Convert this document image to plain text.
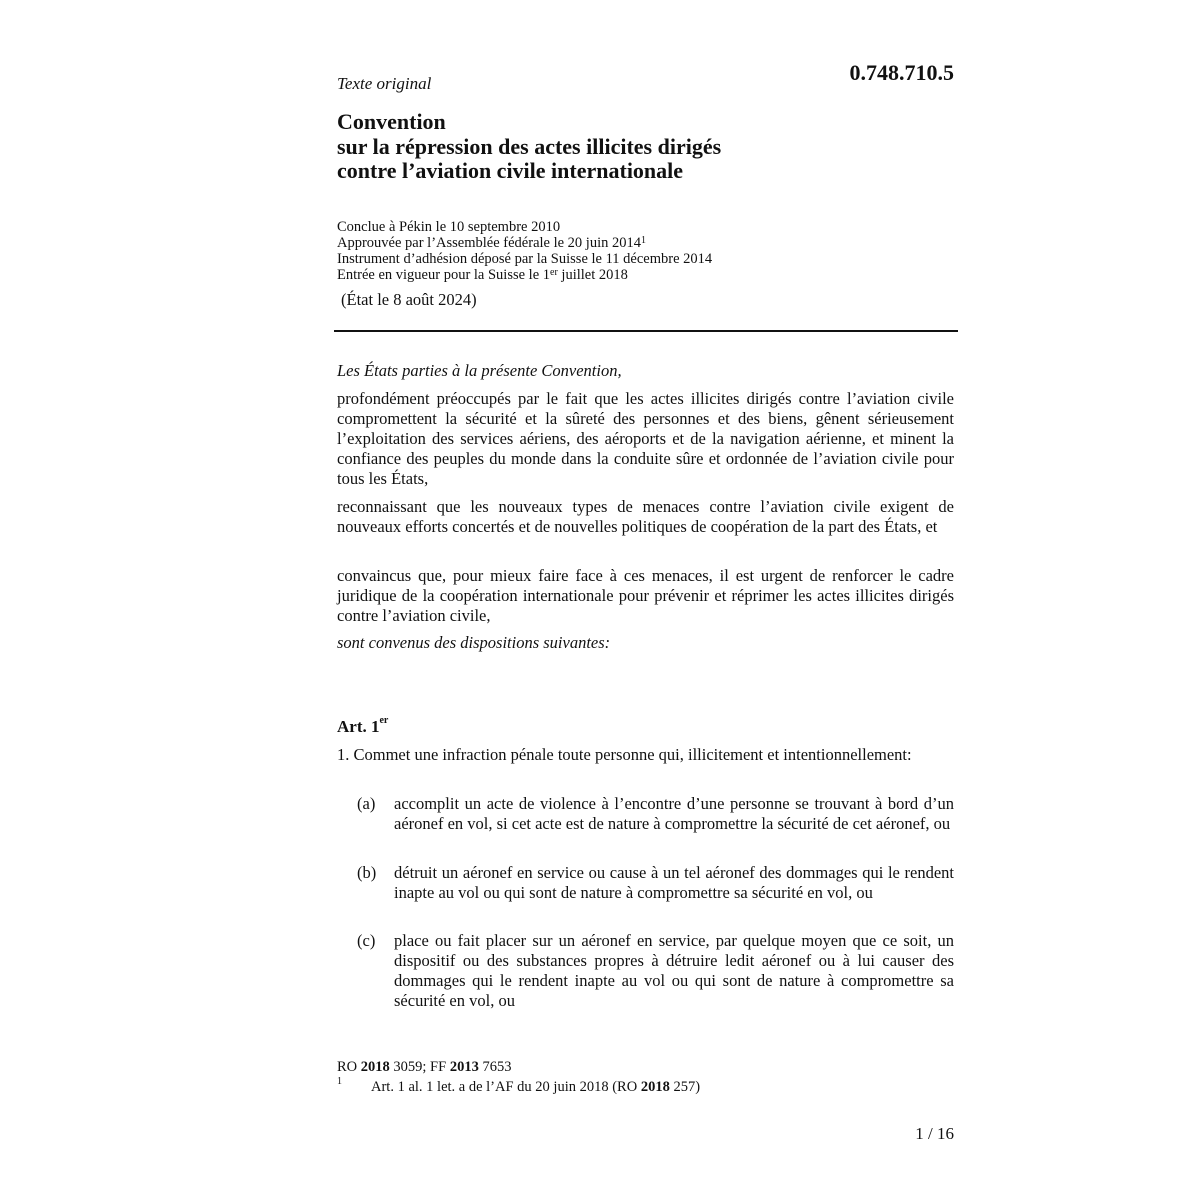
Texte original	0.748.710.5
Convention
sur la répression des actes illicites dirigés
contre l’aviation civile internationale
Conclue à Pékin le 10 septembre 2010
Approuvée par l’Assemblée fédérale le 20 juin 2014$^1$
Instrument d’adhésion déposé par la Suisse le 11 décembre 2014
Entrée en vigueur pour la Suisse le 1er juillet 2018
(État le 8 août 2024)
Les États parties à la présente Convention,
profondément préoccupés par le fait que les actes illicites dirigés contre l’aviation civile compromettent la sécurité et la sûreté des personnes et des biens, gênent sérieusement l’exploitation des services aériens, des aéroports et de la navigation aérienne, et minent la confiance des peuples du monde dans la conduite sûre et ordonnée de l’aviation civile pour tous les États,
reconnaissant que les nouveaux types de menaces contre l’aviation civile exigent de nouveaux efforts concertés et de nouvelles politiques de coopération de la part des États, et
convaincus que, pour mieux faire face à ces menaces, il est urgent de renforcer le cadre juridique de la coopération internationale pour prévenir et réprimer les actes illicites dirigés contre l’aviation civile,
sont convenus des dispositions suivantes:
Art. 1er
1. Commet une infraction pénale toute personne qui, illicitement et intentionnellement:
(a) accomplit un acte de violence à l’encontre d’une personne se trouvant à bord d’un aéronef en vol, si cet acte est de nature à compromettre la sécurité de cet aéronef, ou
(b) détruit un aéronef en service ou cause à un tel aéronef des dommages qui le rendent inapte au vol ou qui sont de nature à compromettre sa sécurité en vol, ou
(c) place ou fait placer sur un aéronef en service, par quelque moyen que ce soit, un dispositif ou des substances propres à détruire ledit aéronef ou à lui causer des dommages qui le rendent inapte au vol ou qui sont de nature à compromettre sa sécurité en vol, ou
RO 2018 3059; FF 2013 7653
1 Art. 1 al. 1 let. a de l’AF du 20 juin 2018 (RO 2018 257)
1 / 16
